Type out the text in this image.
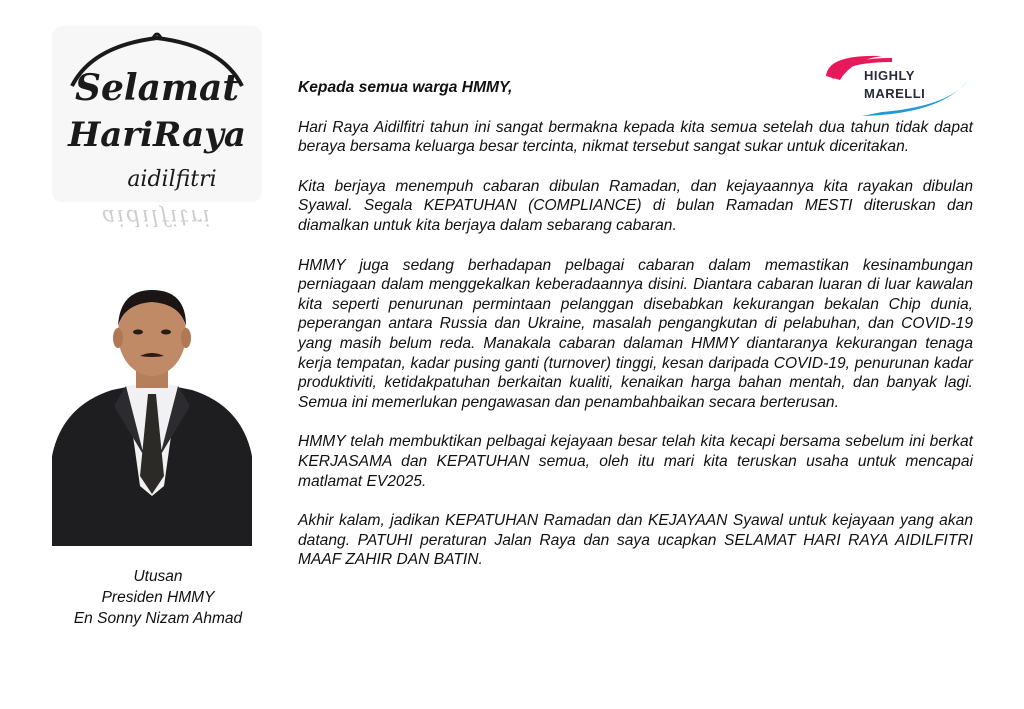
Selamat
HariRaya
aidilfitri
aidilfitri
HIGHLY
MARELLI
Utusan
Presiden HMMY
En Sonny Nizam Ahmad

Kepada semua warga HMMY,

Hari Raya Aidilfitri tahun ini sangat bermakna kepada kita semua setelah dua tahun tidak dapat beraya bersama keluarga besar tercinta, nikmat tersebut sangat sukar untuk diceritakan.

Kita berjaya menempuh cabaran dibulan Ramadan, dan kejayaannya kita rayakan dibulan Syawal. Segala KEPATUHAN (COMPLIANCE) di bulan Ramadan MESTI diteruskan dan diamalkan untuk kita berjaya dalam sebarang cabaran.

HMMY juga sedang berhadapan pelbagai cabaran dalam memastikan kesinambungan perniagaan dalam menggekalkan keberadaannya disini. Diantara cabaran luaran di luar kawalan kita seperti penurunan permintaan pelanggan disebabkan kekurangan bekalan Chip dunia, peperangan antara Russia dan Ukraine, masalah pengangkutan di pelabuhan, dan COVID-19 yang masih belum reda. Manakala cabaran dalaman HMMY diantaranya kekurangan tenaga kerja tempatan, kadar pusing ganti (turnover) tinggi, kesan daripada COVID-19, penurunan kadar produktiviti, ketidakpatuhan berkaitan kualiti, kenaikan harga bahan mentah, dan banyak lagi. Semua ini memerlukan pengawasan dan penambahbaikan secara berterusan.

HMMY telah membuktikan pelbagai kejayaan besar telah kita kecapi bersama sebelum ini berkat KERJASAMA dan KEPATUHAN semua, oleh itu mari kita teruskan usaha untuk mencapai matlamat EV2025.

Akhir kalam, jadikan KEPATUHAN Ramadan dan KEJAYAAN Syawal untuk kejayaan yang akan datang. PATUHI peraturan Jalan Raya dan saya ucapkan SELAMAT HARI RAYA AIDILFITRI MAAF ZAHIR DAN BATIN.
